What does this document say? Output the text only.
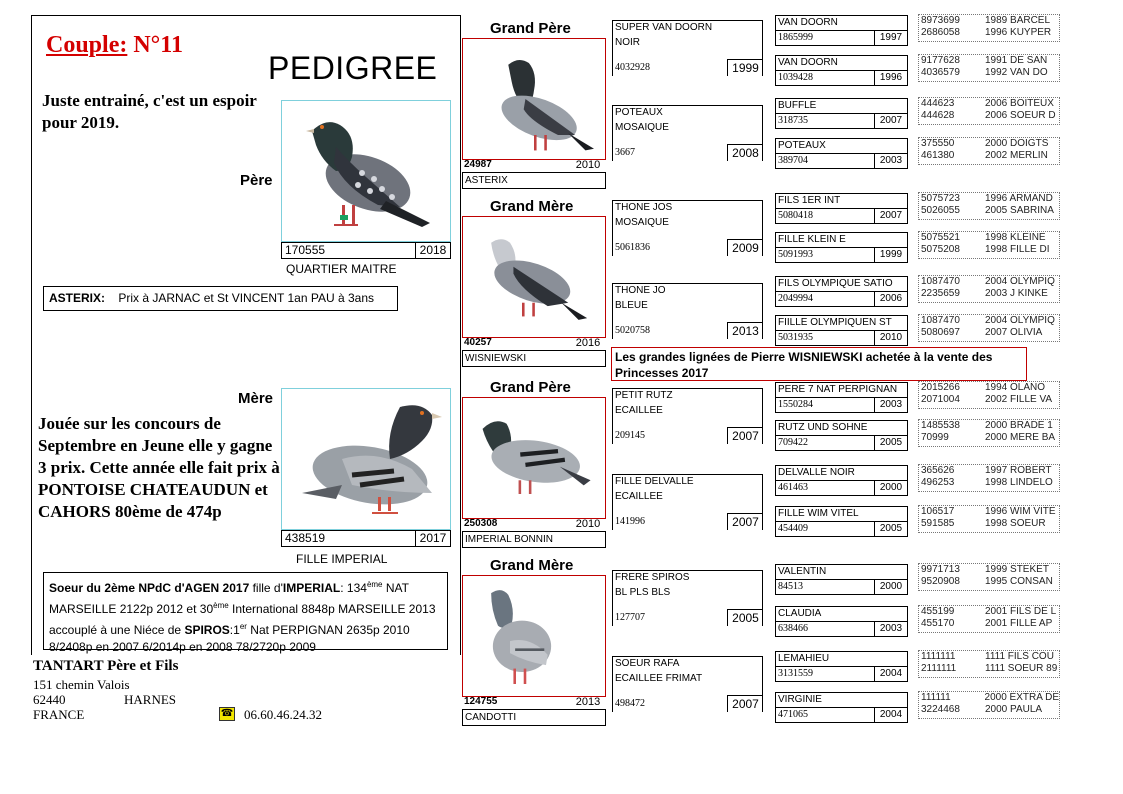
Couple: N°11
PEDIGREE
Juste entrainé, c'est un espoir pour 2019.
Père
170555	2018
QUARTIER MAITRE
ASTERIX: Prix à JARNAC et St VINCENT 1an PAU à 3ans
Mère
Jouée sur les concours de Septembre en Jeune elle y gagne 3 prix. Cette année elle fait prix à PONTOISE CHATEAUDUN et CAHORS 80ème de 474p
438519	2017
FILLE IMPERIAL
Soeur du 2ème NPdC d'AGEN 2017 fille d'IMPERIAL: 134ème NAT MARSEILLE 2122p 2012 et 30ème International 8848p MARSEILLE 2013 accouplé à une Niéce de SPIROS:1er Nat PERPIGNAN 2635p 2010 8/2408p en 2007 6/2014p en 2008 78/2720p 2009
TANTART Père et Fils
151 chemin Valois
62440	HARNES
FRANCE	☎ 06.60.46.24.32
Grand Père
24987	2010
ASTERIX
Grand Mère
40257	2016
WISNIEWSKI
Grand Père
250308	2010
IMPERIAL BONNIN
Grand Mère
124755	2013
CANDOTTI
Les grandes lignées de Pierre WISNIEWSKI achetée à la vente des Princesses 2017
SUPER VAN DOORN
NOIR
4032928	1999
POTEAUX
MOSAIQUE
3667	2008
THONE JOS
MOSAIQUE
5061836	2009
THONE JO
BLEUE
5020758	2013
PETIT RUTZ
ECAILLEE
209145	2007
FILLE DELVALLE
ECAILLEE
141996	2007
FRERE SPIROS
BL PLS BLS
127707	2005
SOEUR RAFA
ECAILLEE FRIMAT
498472	2007
VAN DOORN
1865999	1997
VAN DOORN
1039428	1996
BUFFLE
318735	2007
POTEAUX
389704	2003
FILS 1ER INT
5080418	2007
FILLE KLEIN E
5091993	1999
FILS OLYMPIQUE SATIO
2049994	2006
FIILLE OLYMPIQUEN ST
5031935	2010
PERE 7 NAT PERPIGNAN
1550284	2003
RUTZ UND SOHNE
709422	2005
DELVALLE NOIR
461463	2000
FILLE WIM VITEL
454409	2005
VALENTIN
84513	2000
CLAUDIA
638466	2003
LEMAHIEU
3131559	2004
VIRGINIE
471065	2004
8973699	1989 BARCEL
2686058	1996 KUYPER
9177628	1991 DE SAN
4036579	1992 VAN DO
444623	2006 BOITEUX
444628	2006 SOEUR D
375550	2000 DOIGTS
461380	2002 MERLIN
5075723	1996 ARMAND
5026055	2005 SABRINA
5075521	1998 KLEINE
5075208	1998 FILLE DI
1087470	2004 OLYMPIQ
2235659	2003 J KINKE
1087470	2004 OLYMPIQ
5080697	2007 OLIVIA
2015266	1994 OLANO
2071004	2002 FILLE VA
1485538	2000 BRADE 1
70999	2000 MERE BA
365626	1997 ROBERT
496253	1998 LINDELO
106517	1996 WIM VITE
591585	1998 SOEUR
9971713	1999 STEKET
9520908	1995 CONSAN
455199	2001 FILS DE L
455170	2001 FILLE AP
1111111	1111 FILS COU
2111111	1111 SOEUR 89
111111	2000 EXTRA DE
3224468	2000 PAULA
